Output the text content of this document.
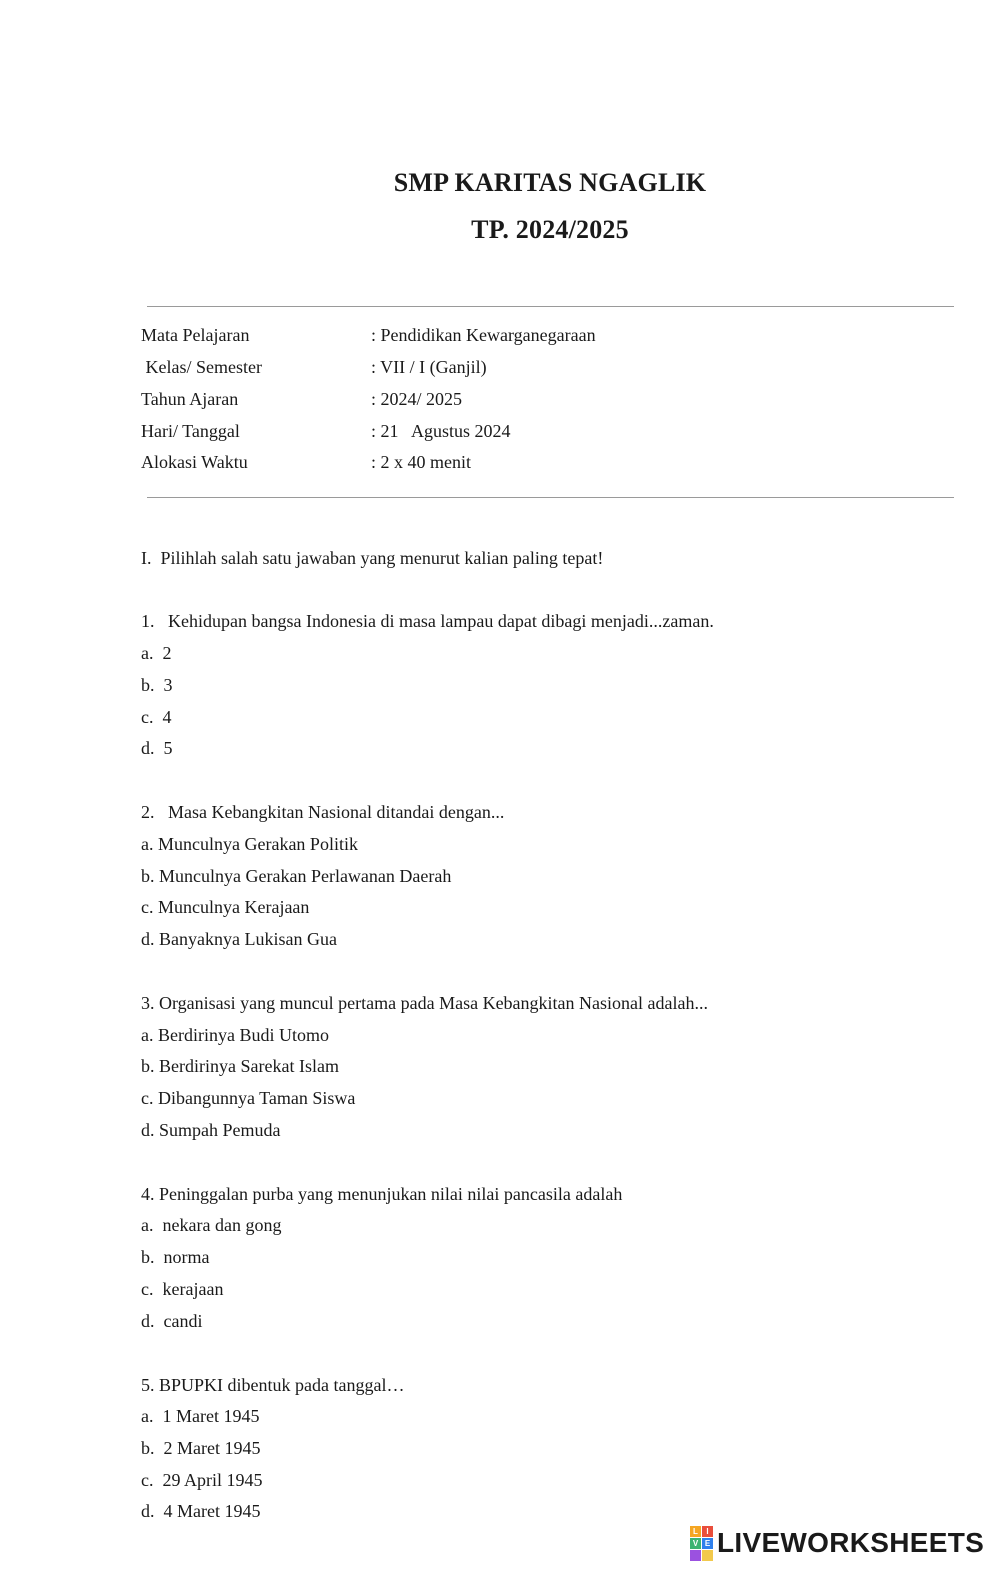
SMP KARITAS NGAGLIK
TP. 2024/2025
Mata Pelajaran	: Pendidikan Kewarganegaraan
Kelas/ Semester	: VII / I (Ganjil)
Tahun Ajaran	: 2024/ 2025
Hari/ Tanggal	: 21   Agustus 2024
Alokasi Waktu	: 2 x 40 menit
I.  Pilihlah salah satu jawaban yang menurut kalian paling tepat!
1.   Kehidupan bangsa Indonesia di masa lampau dapat dibagi menjadi...zaman.
a.  2
b.  3
c.  4
d.  5
2.   Masa Kebangkitan Nasional ditandai dengan...
a. Munculnya Gerakan Politik
b. Munculnya Gerakan Perlawanan Daerah
c. Munculnya Kerajaan
d. Banyaknya Lukisan Gua
3. Organisasi yang muncul pertama pada Masa Kebangkitan Nasional adalah...
a. Berdirinya Budi Utomo
b. Berdirinya Sarekat Islam
c. Dibangunnya Taman Siswa
d. Sumpah Pemuda
4. Peninggalan purba yang menunjukan nilai nilai pancasila adalah
a.  nekara dan gong
b.  norma
c.  kerajaan
d.  candi
5. BPUPKI dibentuk pada tanggal…
a.  1 Maret 1945
b.  2 Maret 1945
c.  29 April 1945
d.  4 Maret 1945
L	I
V E LIVEWORKSHEETS
